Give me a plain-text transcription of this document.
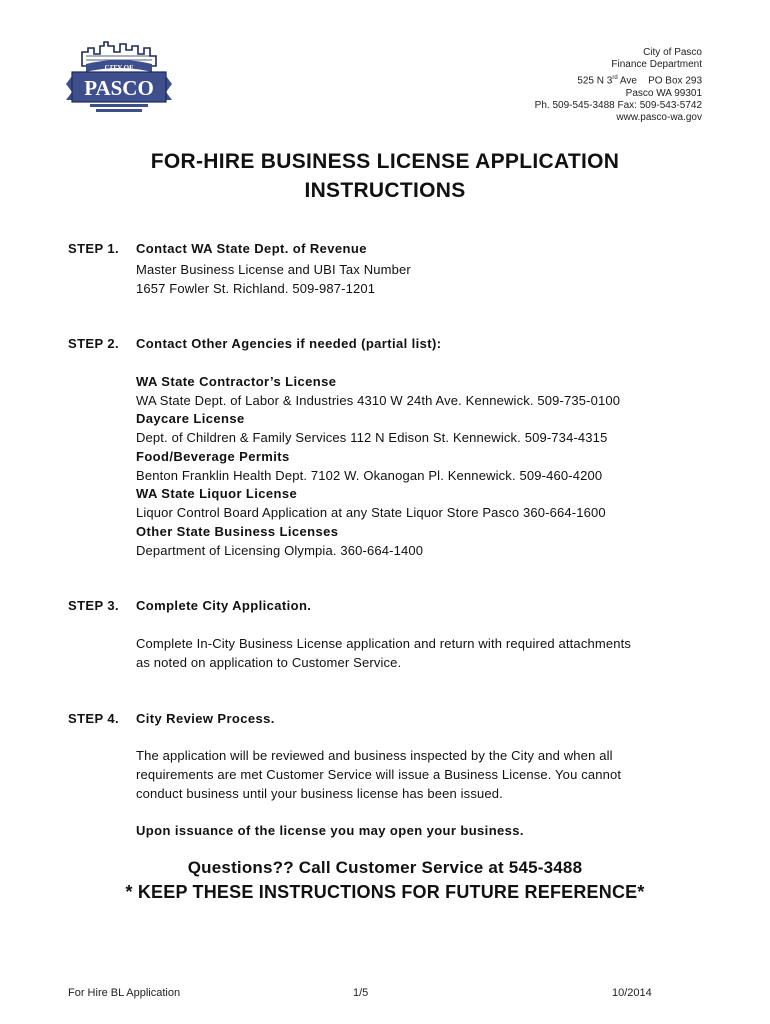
CITY OF
PASCO
City of Pasco
Finance Department
525 N 3rd Ave    PO Box 293
Pasco WA 99301
Ph. 509-545-3488 Fax: 509-543-5742
www.pasco-wa.gov
FOR-HIRE BUSINESS LICENSE APPLICATION
INSTRUCTIONS
STEP 1. Contact WA State Dept. of Revenue
Master Business License and UBI Tax Number
1657 Fowler St. Richland. 509-987-1201
STEP 2. Contact Other Agencies if needed (partial list):
WA State Contractor’s License
WA State Dept. of Labor & Industries 4310 W 24th Ave. Kennewick. 509-735-0100
Daycare License
Dept. of Children & Family Services 112 N Edison St. Kennewick. 509-734-4315
Food/Beverage Permits
Benton Franklin Health Dept. 7102 W. Okanogan Pl. Kennewick. 509-460-4200
WA State Liquor License
Liquor Control Board Application at any State Liquor Store Pasco 360-664-1600
Other State Business Licenses
Department of Licensing Olympia. 360-664-1400
STEP 3. Complete City Application.
Complete In-City Business License application and return with required attachments
as noted on application to Customer Service.
STEP 4. City Review Process.
The application will be reviewed and business inspected by the City and when all
requirements are met Customer Service will issue a Business License. You cannot
conduct business until your business license has been issued.
Upon issuance of the license you may open your business.
Questions?? Call Customer Service at 545-3488
* KEEP THESE INSTRUCTIONS FOR FUTURE REFERENCE*
For Hire BL Application	1/5	10/2014
